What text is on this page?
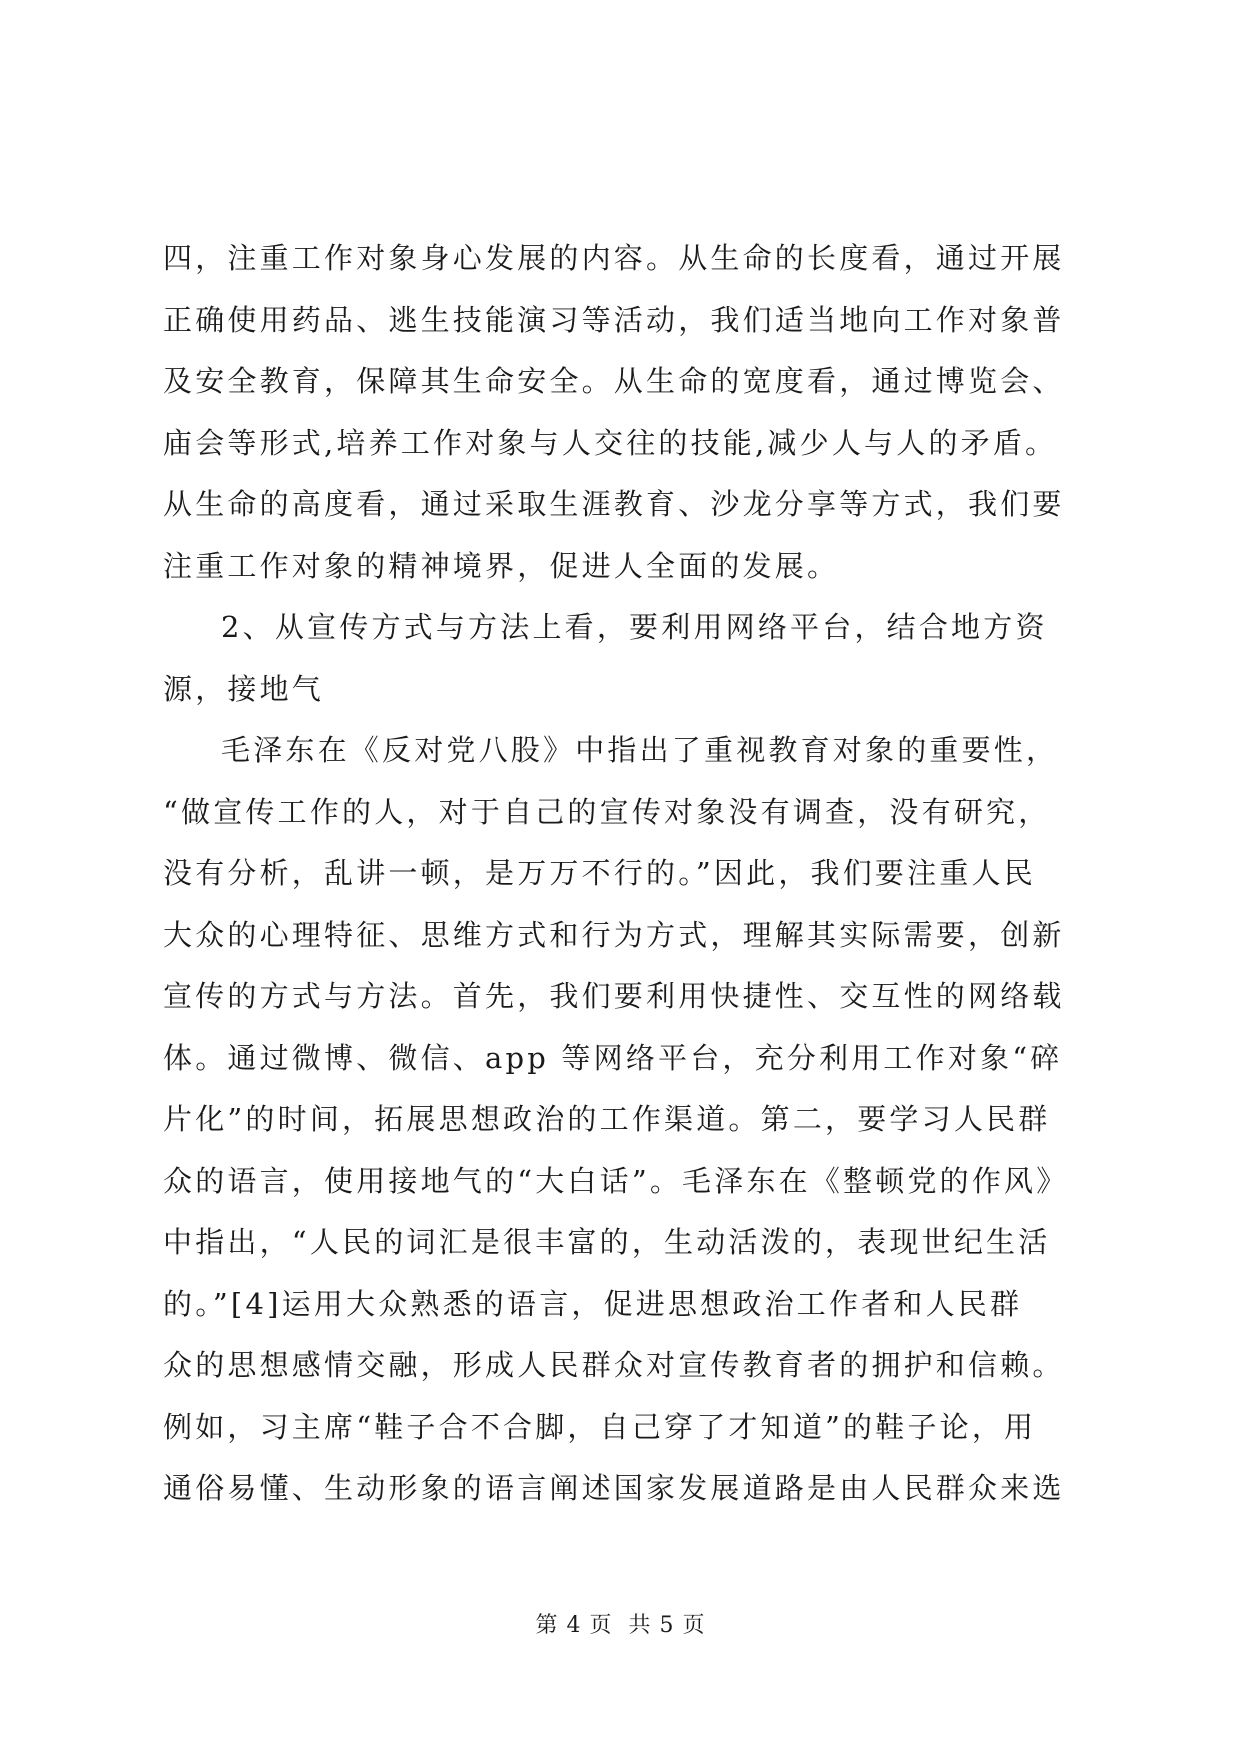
四，注重工作对象身心发展的内容。从生命的长度看，通过开展
正确使用药品、逃生技能演习等活动，我们适当地向工作对象普
及安全教育，保障其生命安全。从生命的宽度看，通过博览会、
庙会等形式,培养工作对象与人交往的技能,减少人与人的矛盾。
从生命的高度看，通过采取生涯教育、沙龙分享等方式，我们要
注重工作对象的精神境界，促进人全面的发展。
2、从宣传方式与方法上看，要利用网络平台，结合地方资
源，接地气
毛泽东在《反对党八股》中指出了重视教育对象的重要性，
“做宣传工作的人，对于自己的宣传对象没有调查，没有研究，
没有分析，乱讲一顿，是万万不行的。”因此，我们要注重人民
大众的心理特征、思维方式和行为方式，理解其实际需要，创新
宣传的方式与方法。首先，我们要利用快捷性、交互性的网络载
体。通过微博、微信、app 等网络平台，充分利用工作对象“碎
片化”的时间，拓展思想政治的工作渠道。第二，要学习人民群
众的语言，使用接地气的“大白话”。毛泽东在《整顿党的作风》
中指出，“人民的词汇是很丰富的，生动活泼的，表现世纪生活
的。”[4]运用大众熟悉的语言，促进思想政治工作者和人民群
众的思想感情交融，形成人民群众对宣传教育者的拥护和信赖。
例如，习主席“鞋子合不合脚，自己穿了才知道”的鞋子论，用
通俗易懂、生动形象的语言阐述国家发展道路是由人民群众来选
第 4 页  共 5 页
